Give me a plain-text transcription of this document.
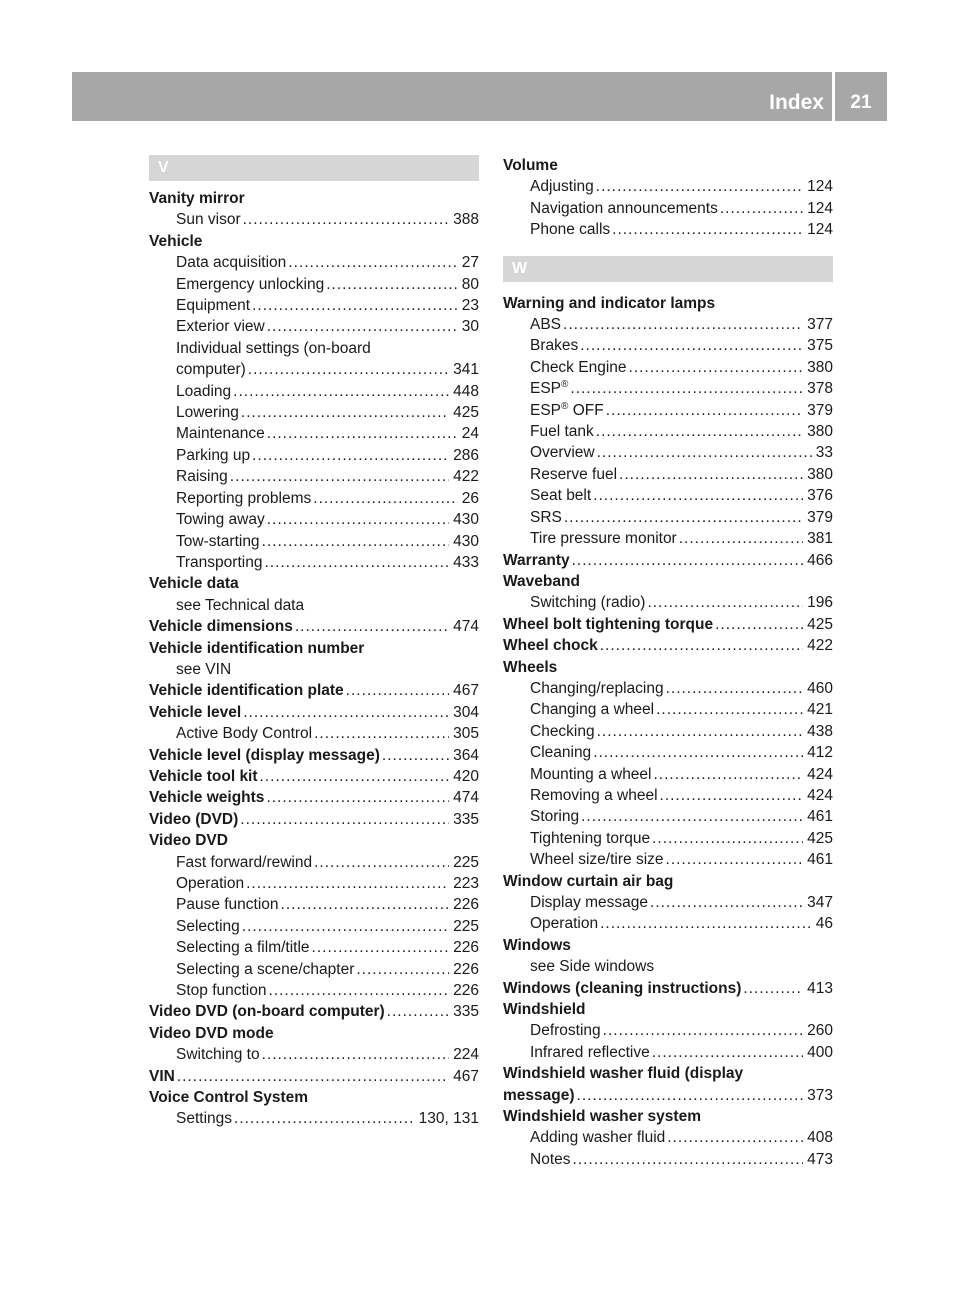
Index	21
V
Vanity mirror
Sun visor .....	388
Vehicle
Data acquisition .....	27
Emergency unlocking .....	80
Equipment .....	23
Exterior view .....	30
Individual settings (on-board
computer) .....	341
Loading .....	448
Lowering .....	425
Maintenance .....	24
Parking up .....	286
Raising .....	422
Reporting problems .....	26
Towing away .....	430
Tow-starting .....	430
Transporting .....	433
Vehicle data
see Technical data
Vehicle dimensions .....	474
Vehicle identification number
see VIN
Vehicle identification plate .....	467
Vehicle level .....	304
Active Body Control .....	305
Vehicle level (display message) .....	364
Vehicle tool kit .....	420
Vehicle weights .....	474
Video (DVD) .....	335
Video DVD
Fast forward/rewind .....	225
Operation .....	223
Pause function .....	226
Selecting .....	225
Selecting a film/title .....	226
Selecting a scene/chapter .....	226
Stop function .....	226
Video DVD (on-board computer) .....	335
Video DVD mode
Switching to .....	224
VIN .....	467
Voice Control System
Settings .....	130, 131
Volume
Adjusting .....	124
Navigation announcements .....	124
Phone calls .....	124
W
Warning and indicator lamps
ABS .....	377
Brakes .....	375
Check Engine .....	380
ESP® .....	378
ESP® OFF .....	379
Fuel tank .....	380
Overview .....	33
Reserve fuel .....	380
Seat belt .....	376
SRS .....	379
Tire pressure monitor .....	381
Warranty .....	466
Waveband
Switching (radio) .....	196
Wheel bolt tightening torque .....	425
Wheel chock .....	422
Wheels
Changing/replacing .....	460
Changing a wheel .....	421
Checking .....	438
Cleaning .....	412
Mounting a wheel .....	424
Removing a wheel .....	424
Storing .....	461
Tightening torque .....	425
Wheel size/tire size .....	461
Window curtain air bag
Display message .....	347
Operation .....	46
Windows
see Side windows
Windows (cleaning instructions) .....	413
Windshield
Defrosting .....	260
Infrared reflective .....	400
Windshield washer fluid (display
message) .....	373
Windshield washer system
Adding washer fluid .....	408
Notes .....	473
